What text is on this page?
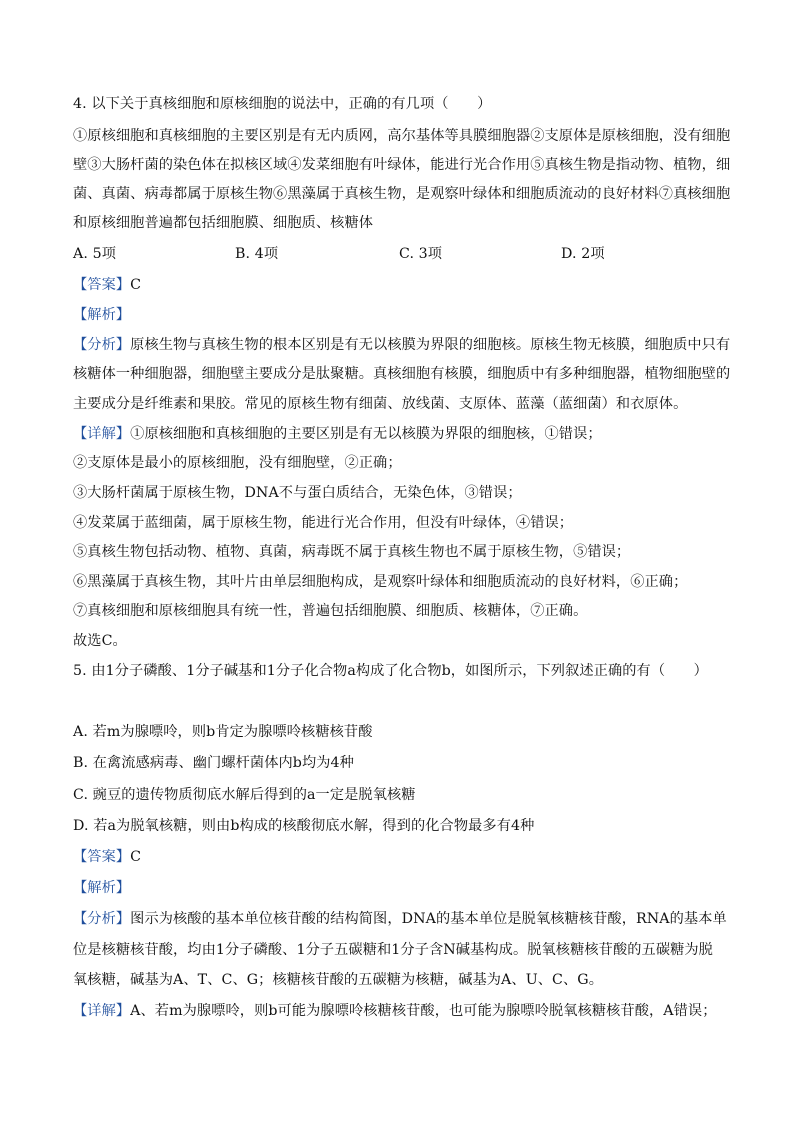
4. 以下关于真核细胞和原核细胞的说法中，正确的有几项（　　）
①原核细胞和真核细胞的主要区别是有无内质网，高尔基体等具膜细胞器②支原体是原核细胞，没有细胞
壁③大肠杆菌的染色体在拟核区域④发菜细胞有叶绿体，能进行光合作用⑤真核生物是指动物、植物，细
菌、真菌、病毒都属于原核生物⑥黑藻属于真核生物，是观察叶绿体和细胞质流动的良好材料⑦真核细胞
和原核细胞普遍都包括细胞膜、细胞质、核糖体
A. 5项	B. 4项	C. 3项	D. 2项
【答案】C
【解析】
【分析】原核生物与真核生物的根本区别是有无以核膜为界限的细胞核。原核生物无核膜，细胞质中只有
核糖体一种细胞器，细胞壁主要成分是肽聚糖。真核细胞有核膜，细胞质中有多种细胞器，植物细胞壁的
主要成分是纤维素和果胶。常见的原核生物有细菌、放线菌、支原体、蓝藻（蓝细菌）和衣原体。
【详解】①原核细胞和真核细胞的主要区别是有无以核膜为界限的细胞核，①错误；
②支原体是最小的原核细胞，没有细胞壁，②正确；
③大肠杆菌属于原核生物，DNA不与蛋白质结合，无染色体，③错误；
④发菜属于蓝细菌，属于原核生物，能进行光合作用，但没有叶绿体，④错误；
⑤真核生物包括动物、植物、真菌，病毒既不属于真核生物也不属于原核生物，⑤错误；
⑥黑藻属于真核生物，其叶片由单层细胞构成，是观察叶绿体和细胞质流动的良好材料，⑥正确；
⑦真核细胞和原核细胞具有统一性，普遍包括细胞膜、细胞质、核糖体，⑦正确。
故选C。
5. 由1分子磷酸、1分子碱基和1分子化合物a构成了化合物b，如图所示，下列叙述正确的有（　　）
A. 若m为腺嘌呤，则b肯定为腺嘌呤核糖核苷酸
B. 在禽流感病毒、幽门螺杆菌体内b均为4种
C. 豌豆的遗传物质彻底水解后得到的a一定是脱氧核糖
D. 若a为脱氧核糖，则由b构成的核酸彻底水解，得到的化合物最多有4种
【答案】C
【解析】
【分析】图示为核酸的基本单位核苷酸的结构简图，DNA的基本单位是脱氧核糖核苷酸，RNA的基本单
位是核糖核苷酸，均由1分子磷酸、1分子五碳糖和1分子含N碱基构成。脱氧核糖核苷酸的五碳糖为脱
氧核糖，碱基为A、T、C、G；核糖核苷酸的五碳糖为核糖，碱基为A、U、C、G。
【详解】A、若m为腺嘌呤，则b可能为腺嘌呤核糖核苷酸，也可能为腺嘌呤脱氧核糖核苷酸，A错误；
